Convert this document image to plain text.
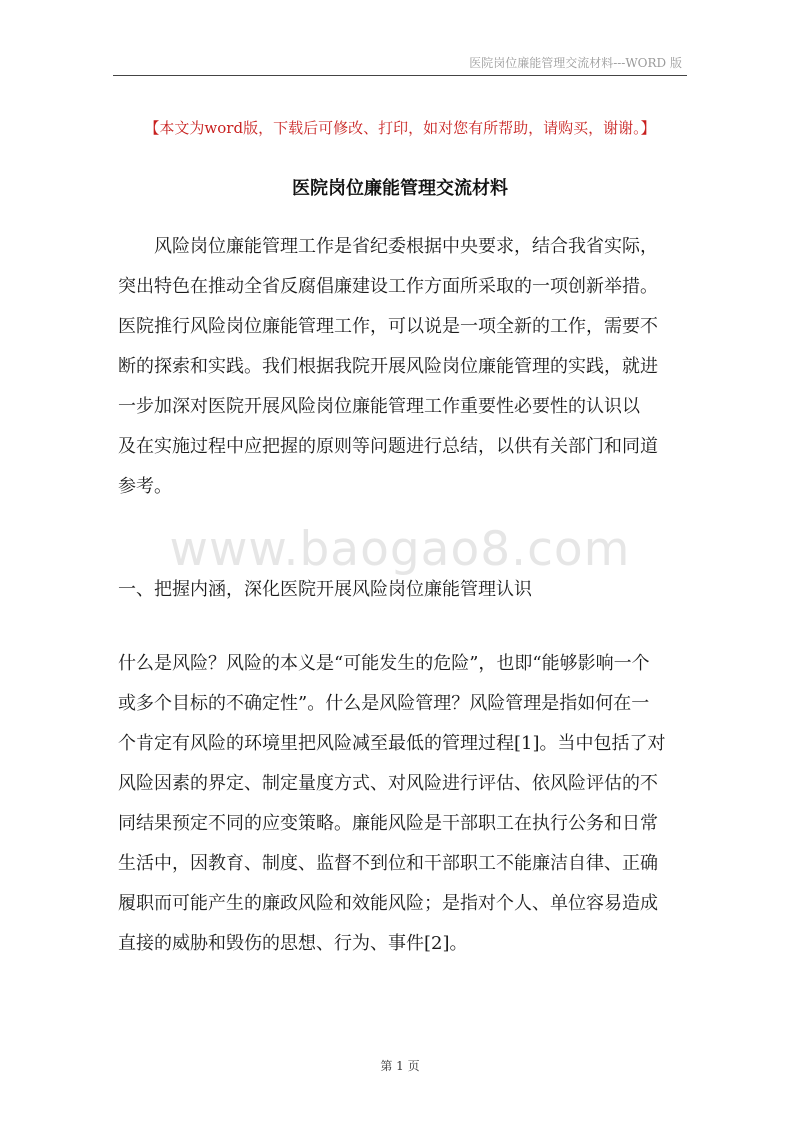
医院岗位廉能管理交流材料---WORD 版
【本文为word版，下载后可修改、打印，如对您有所帮助，请购买，谢谢。】
医院岗位廉能管理交流材料
　　风险岗位廉能管理工作是省纪委根据中央要求，结合我省实际，
突出特色在推动全省反腐倡廉建设工作方面所采取的一项创新举措。
医院推行风险岗位廉能管理工作，可以说是一项全新的工作，需要不
断的探索和实践。我们根据我院开展风险岗位廉能管理的实践，就进
一步加深对医院开展风险岗位廉能管理工作重要性必要性的认识以
及在实施过程中应把握的原则等问题进行总结，以供有关部门和同道
参考。
www.baogao8.com
一、把握内涵，深化医院开展风险岗位廉能管理认识
什么是风险？风险的本义是“可能发生的危险”，也即“能够影响一个
或多个目标的不确定性”。什么是风险管理？风险管理是指如何在一
个肯定有风险的环境里把风险减至最低的管理过程[1]。当中包括了对
风险因素的界定、制定量度方式、对风险进行评估、依风险评估的不
同结果预定不同的应变策略。廉能风险是干部职工在执行公务和日常
生活中，因教育、制度、监督不到位和干部职工不能廉洁自律、正确
履职而可能产生的廉政风险和效能风险；是指对个人、单位容易造成
直接的威胁和毁伤的思想、行为、事件[2]。
第 1 页
